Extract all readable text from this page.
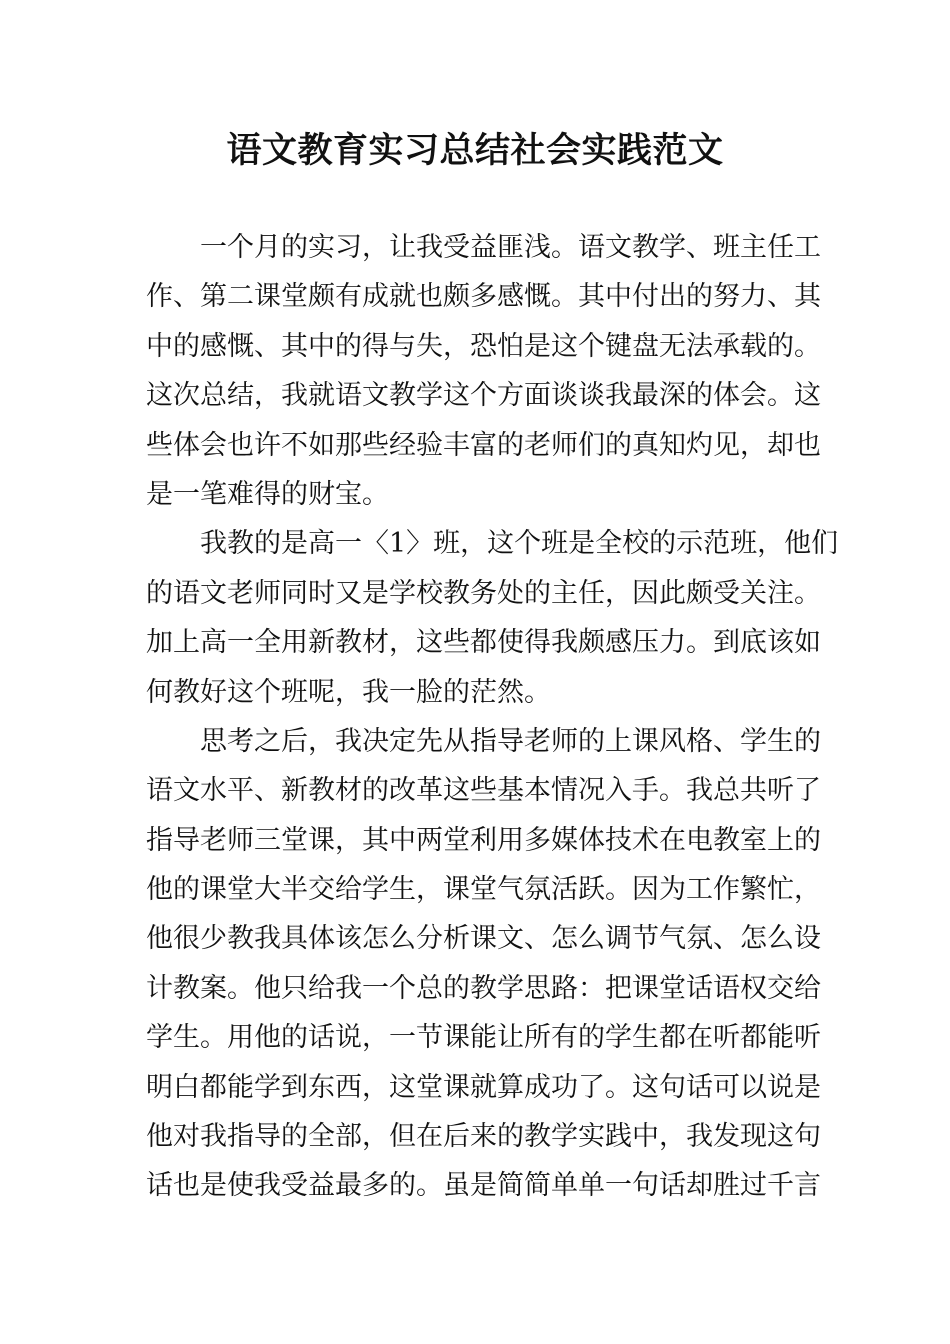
语文教育实习总结社会实践范文
一个月的实习，让我受益匪浅。语文教学、班主任工
作、第二课堂颇有成就也颇多感慨。其中付出的努力、其
中的感慨、其中的得与失，恐怕是这个键盘无法承载的。
这次总结，我就语文教学这个方面谈谈我最深的体会。这
些体会也许不如那些经验丰富的老师们的真知灼见，却也
是一笔难得的财宝。
我教的是高一〈1〉班，这个班是全校的示范班，他们
的语文老师同时又是学校教务处的主任，因此颇受关注。
加上高一全用新教材，这些都使得我颇感压力。到底该如
何教好这个班呢，我一脸的茫然。
思考之后，我决定先从指导老师的上课风格、学生的
语文水平、新教材的改革这些基本情况入手。我总共听了
指导老师三堂课，其中两堂利用多媒体技术在电教室上的
他的课堂大半交给学生，课堂气氛活跃。因为工作繁忙，
他很少教我具体该怎么分析课文、怎么调节气氛、怎么设
计教案。他只给我一个总的教学思路：把课堂话语权交给
学生。用他的话说，一节课能让所有的学生都在听都能听
明白都能学到东西，这堂课就算成功了。这句话可以说是
他对我指导的全部，但在后来的教学实践中，我发现这句
话也是使我受益最多的。虽是简简单单一句话却胜过千言
